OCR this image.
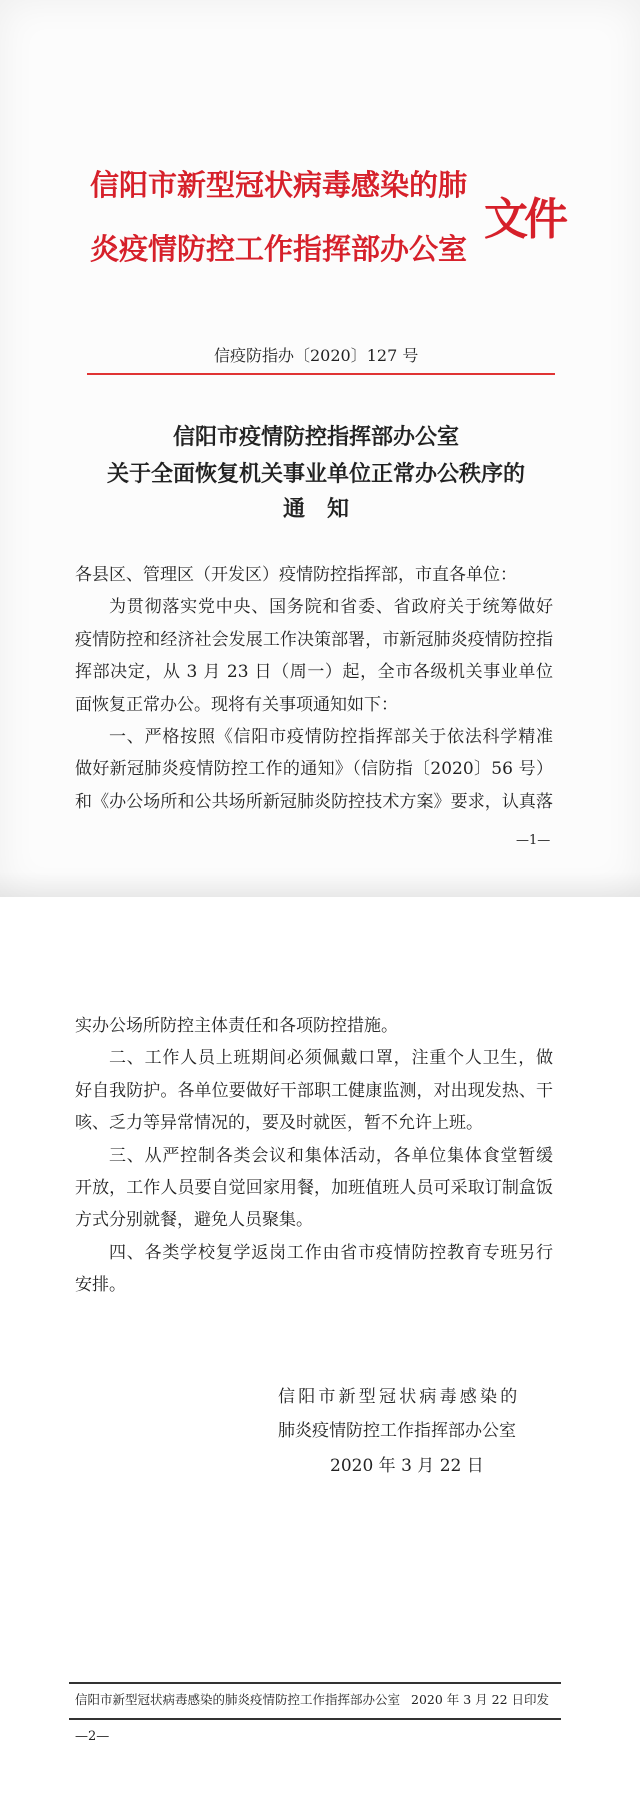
信阳市新型冠状病毒感染的肺
炎疫情防控工作指挥部办公室
文件
信疫防指办〔2020〕127 号
信阳市疫情防控指挥部办公室
关于全面恢复机关事业单位正常办公秩序的
通　知
各县区、管理区（开发区）疫情防控指挥部，市直各单位：
为贯彻落实党中央、国务院和省委、省政府关于统筹做好
疫情防控和经济社会发展工作决策部署，市新冠肺炎疫情防控指
挥部决定，从 3 月 23 日（周一）起，全市各级机关事业单位
面恢复正常办公。现将有关事项通知如下：
一、严格按照《信阳市疫情防控指挥部关于依法科学精准
做好新冠肺炎疫情防控工作的通知》（信防指〔2020〕56 号）
和《办公场所和公共场所新冠肺炎防控技术方案》要求，认真落
—1—
实办公场所防控主体责任和各项防控措施。
二、工作人员上班期间必须佩戴口罩，注重个人卫生，做
好自我防护。各单位要做好干部职工健康监测，对出现发热、干
咳、乏力等异常情况的，要及时就医，暂不允许上班。
三、从严控制各类会议和集体活动，各单位集体食堂暂缓
开放，工作人员要自觉回家用餐，加班值班人员可采取订制盒饭
方式分别就餐，避免人员聚集。
四、各类学校复学返岗工作由省市疫情防控教育专班另行
安排。
信阳市新型冠状病毒感染的
肺炎疫情防控工作指挥部办公室
2020 年 3 月 22 日
信阳市新型冠状病毒感染的肺炎疫情防控工作指挥部办公室 2020 年 3 月 22 日印发
—2—
